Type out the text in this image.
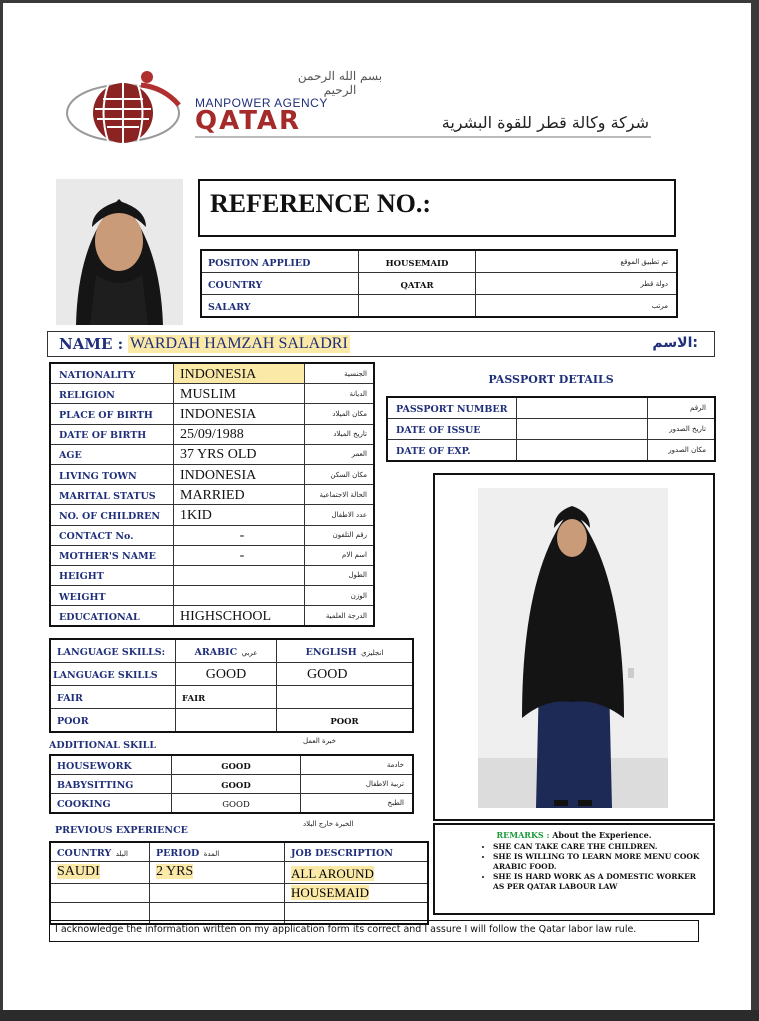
بسم الله الرحمن الرحيم
MANPOWER AGENCY
QATAR	شركة وكالة قطر للقوة البشرية
REFERENCE NO.:
POSITON APPLIED	HOUSEMAID	تم تطبيق الموقع
COUNTRY	QATAR	دولة قطر
SALARY		مرتب
NAME : WARDAH HAMZAH SALADRI	الاسم:
NATIONALITY	INDONESIA	الجنسية
RELIGION	MUSLIM	الديانة
PLACE OF BIRTH	INDONESIA	مكان الميلاد
DATE OF BIRTH	25/09/1988	تاريخ الميلاد
AGE	37 YRS OLD	العمر
LIVING TOWN	INDONESIA	مكان السكن
MARITAL STATUS	MARRIED	الحالة الاجتماعية
NO. OF CHILDREN	1KID	عدد الاطفال
CONTACT No.	-	رقم التلفون
MOTHER'S NAME	-	اسم الام
HEIGHT		الطول
WEIGHT		الوزن
EDUCATIONAL	HIGHSCHOOL	الدرجة العلمية
PASSPORT DETAILS
PASSPORT NUMBER		الرقم
DATE OF ISSUE		تاريخ الصدور
DATE OF EXP.		مكان الصدور
LANGUAGE SKILLS:	ARABIC عربي	ENGLISH انجليزي
LANGUAGE SKILLS	GOOD	GOOD
FAIR	FAIR	
POOR		POOR
ADDITIONAL SKILL	خبرة العمل
HOUSEWORK	GOOD	خادمة
BABYSITTING	GOOD	تربية الاطفال
COOKING	GOOD	الطبخ
PREVIOUS EXPERIENCE
الخبرة خارج البلاد
COUNTRY البلد	PERIOD المدة	JOB DESCRIPTION
SAUDI	2 YRS	ALL AROUND
		HOUSEMAID

REMARKS : About the Experience.
• SHE CAN TAKE CARE THE CHILDREN.
• SHE IS WILLING TO LEARN MORE MENU COOK ARABIC FOOD.
• SHE IS HARD WORK AS A DOMESTIC WORKER AS PER QATAR LABOUR LAW
I acknowledge the information written on my application form its correct and I assure I will follow the Qatar labor law rule.
